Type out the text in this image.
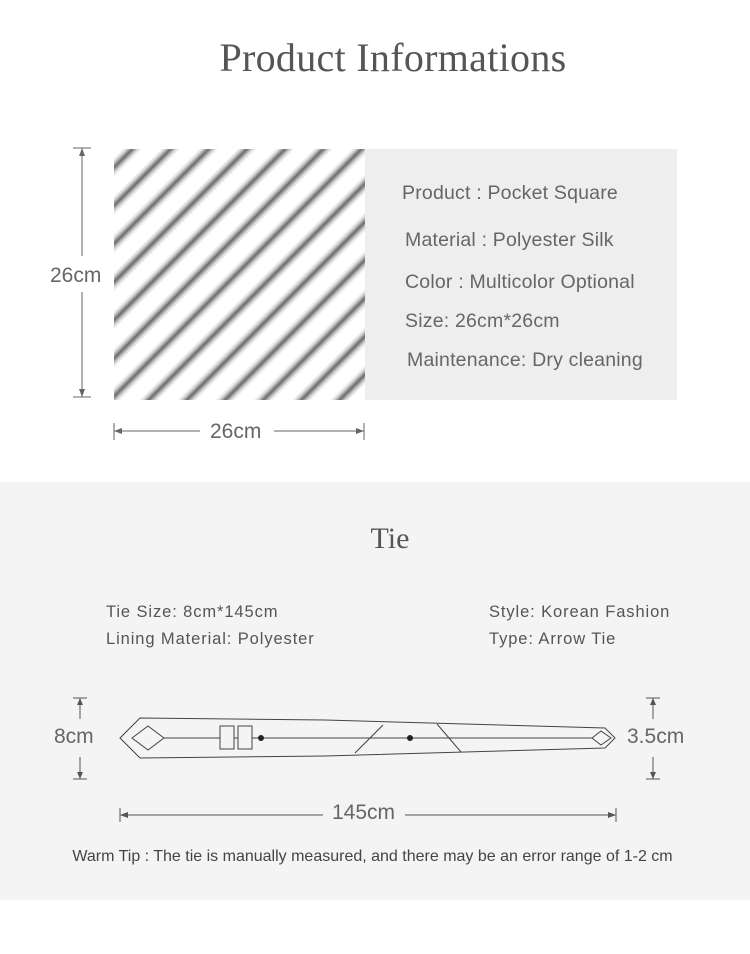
Product Informations
26cm
Product : Pocket Square
Material : Polyester Silk
Color : Multicolor Optional
Size: 26cm*26cm
Maintenance: Dry cleaning
26cm
Tie
Tie Size: 8cm*145cm
Lining Material: Polyester
Style: Korean Fashion
Type: Arrow Tie
8cm	3.5cm
145cm
Warm Tip : The tie is manually measured, and there may be an error range of 1-2 cm
